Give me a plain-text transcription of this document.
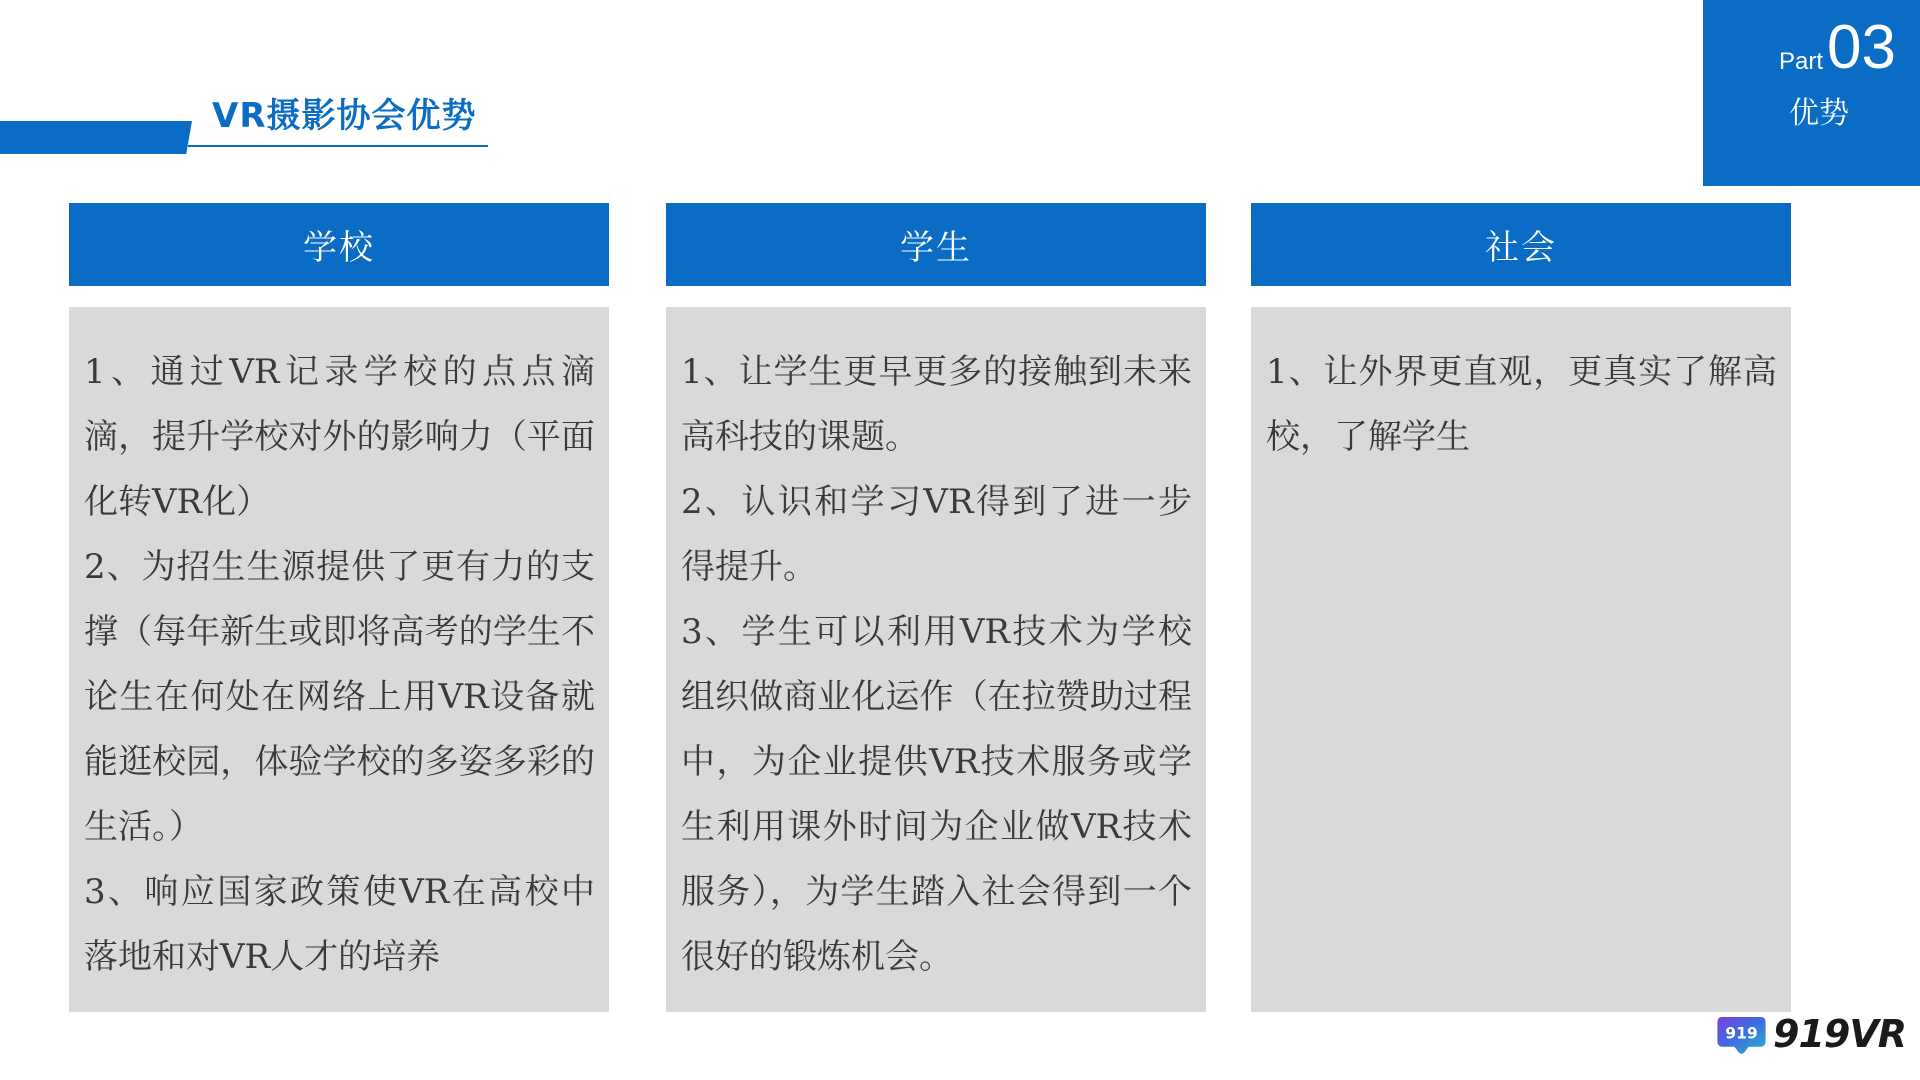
VR摄影协会优势
Part 03
优势
学校

1、通过VR记录学校的点点滴滴，提升学校对外的影响力（平面化转VR化）

2、为招生生源提供了更有力的支撑（每年新生或即将高考的学生不论生在何处在网络上用VR设备就能逛校园，体验学校的多姿多彩的生活。）

3、响应国家政策使VR在高校中落地和对VR人才的培养

学生

1、让学生更早更多的接触到未来高科技的课题。

2、认识和学习VR得到了进一步得提升。

3、学生可以利用VR技术为学校组织做商业化运作（在拉赞助过程中，为企业提供VR技术服务或学生利用课外时间为企业做VR技术服务），为学生踏入社会得到一个很好的锻炼机会。

社会

1、让外界更直观，更真实了解高校，了解学生

919 919VR
